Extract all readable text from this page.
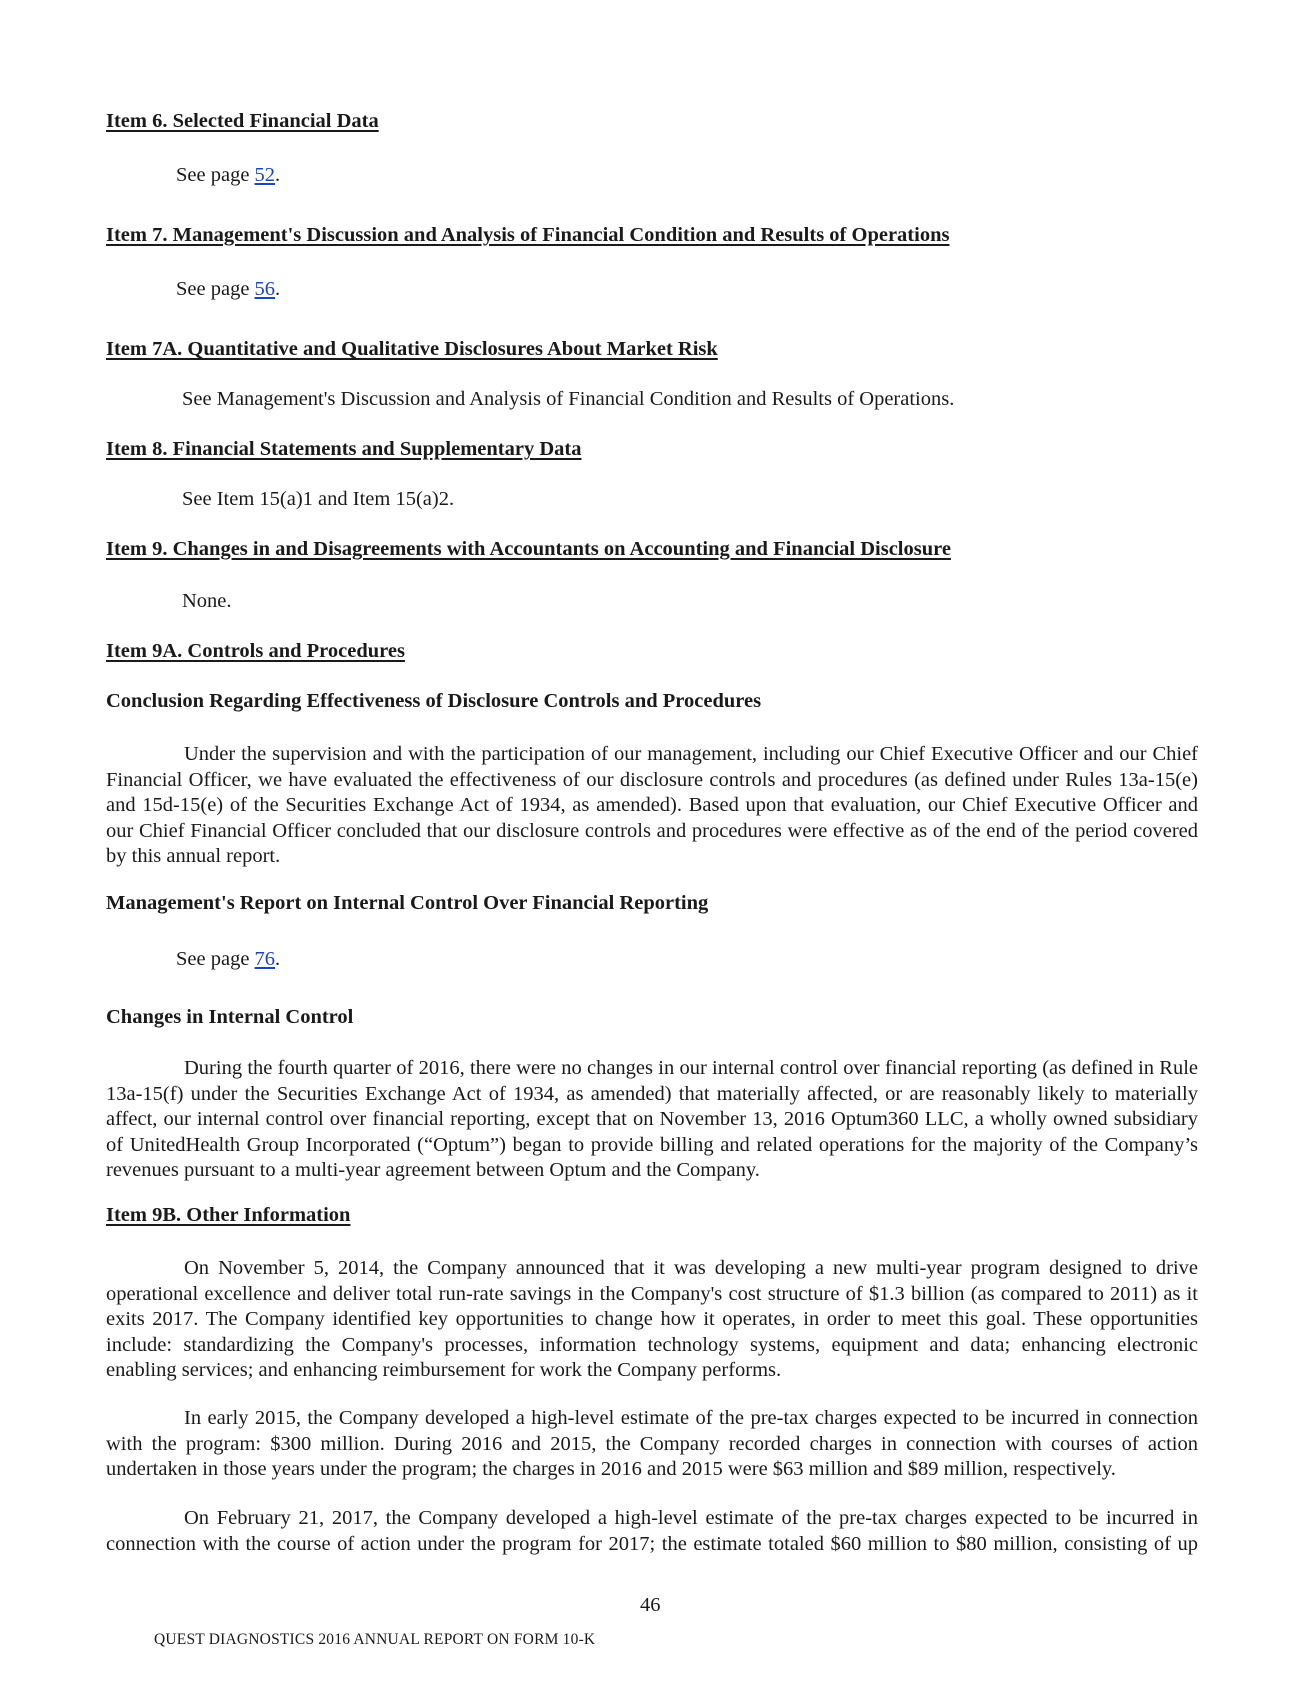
Item 6. Selected Financial Data
See page 52.
Item 7. Management's Discussion and Analysis of Financial Condition and Results of Operations
See page 56.
Item 7A. Quantitative and Qualitative Disclosures About Market Risk
See Management's Discussion and Analysis of Financial Condition and Results of Operations.
Item 8. Financial Statements and Supplementary Data
See Item 15(a)1 and Item 15(a)2.
Item 9. Changes in and Disagreements with Accountants on Accounting and Financial Disclosure
None.
Item 9A. Controls and Procedures
Conclusion Regarding Effectiveness of Disclosure Controls and Procedures

Under the supervision and with the participation of our management, including our Chief Executive Officer and our Chief Financial Officer, we have evaluated the effectiveness of our disclosure controls and procedures (as defined under Rules 13a-15(e) and 15d-15(e) of the Securities Exchange Act of 1934, as amended). Based upon that evaluation, our Chief Executive Officer and our Chief Financial Officer concluded that our disclosure controls and procedures were effective as of the end of the period covered by this annual report.

Management's Report on Internal Control Over Financial Reporting
See page 76.
Changes in Internal Control

During the fourth quarter of 2016, there were no changes in our internal control over financial reporting (as defined in Rule 13a-15(f) under the Securities Exchange Act of 1934, as amended) that materially affected, or are reasonably likely to materially affect, our internal control over financial reporting, except that on November 13, 2016 Optum360 LLC, a wholly owned subsidiary of UnitedHealth Group Incorporated (“Optum”) began to provide billing and related operations for the majority of the Company’s revenues pursuant to a multi-year agreement between Optum and the Company.

Item 9B. Other Information

On November 5, 2014, the Company announced that it was developing a new multi-year program designed to drive operational excellence and deliver total run-rate savings in the Company's cost structure of $1.3 billion (as compared to 2011) as it exits 2017. The Company identified key opportunities to change how it operates, in order to meet this goal. These opportunities include: standardizing the Company's processes, information technology systems, equipment and data; enhancing electronic enabling services; and enhancing reimbursement for work the Company performs.

In early 2015, the Company developed a high-level estimate of the pre-tax charges expected to be incurred in connection with the program: $300 million. During 2016 and 2015, the Company recorded charges in connection with courses of action undertaken in those years under the program; the charges in 2016 and 2015 were $63 million and $89 million, respectively.

On February 21, 2017, the Company developed a high-level estimate of the pre-tax charges expected to be incurred in connection with the course of action under the program for 2017; the estimate totaled $60 million to $80 million, consisting of up

46
QUEST DIAGNOSTICS 2016 ANNUAL REPORT ON FORM 10-K
